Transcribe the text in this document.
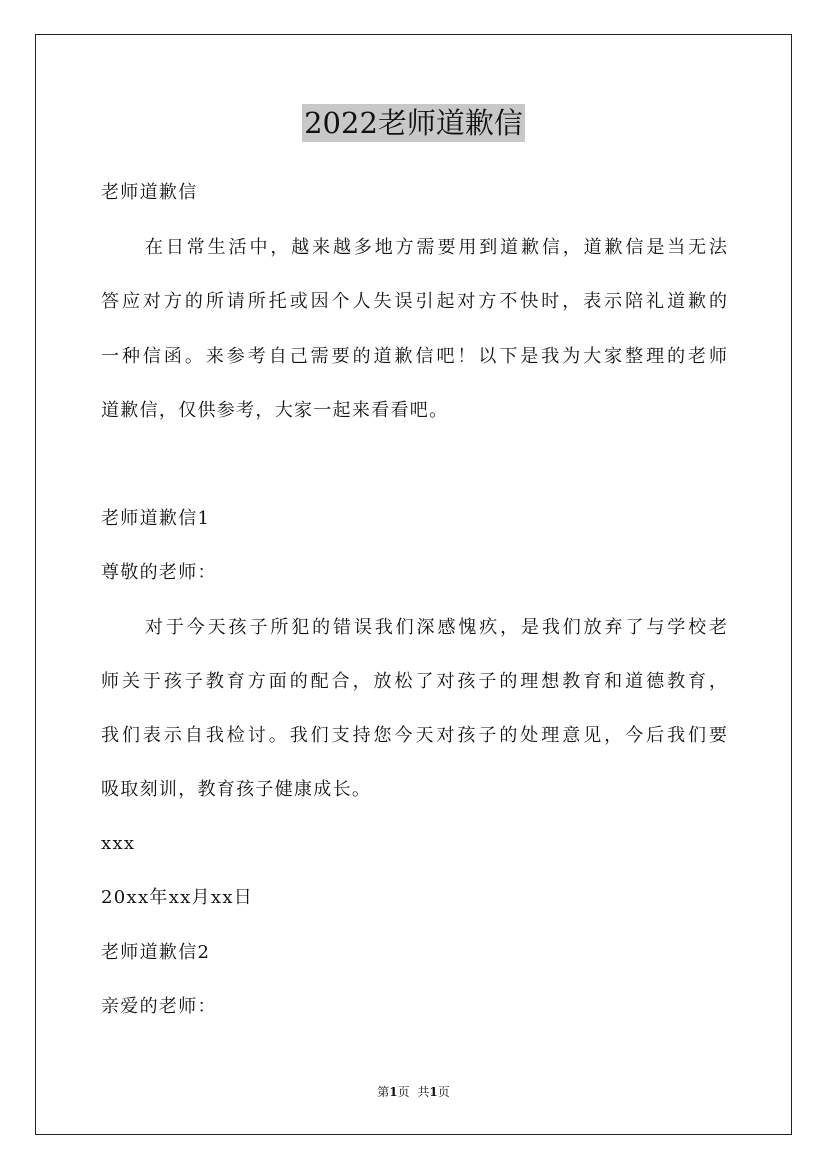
2022老师道歉信
老师道歉信
在日常生活中，越来越多地方需要用到道歉信，道歉信是当无法
答应对方的所请所托或因个人失误引起对方不快时，表示陪礼道歉的
一种信函。来参考自己需要的道歉信吧！以下是我为大家整理的老师
道歉信，仅供参考，大家一起来看看吧。
老师道歉信1
尊敬的老师：
对于今天孩子所犯的错误我们深感愧疚，是我们放弃了与学校老
师关于孩子教育方面的配合，放松了对孩子的理想教育和道德教育，
我们表示自我检讨。我们支持您今天对孩子的处理意见，今后我们要
吸取刻训，教育孩子健康成长。
xxx
20xx年xx月xx日
老师道歉信2
亲爱的老师：
第1页 共1页
